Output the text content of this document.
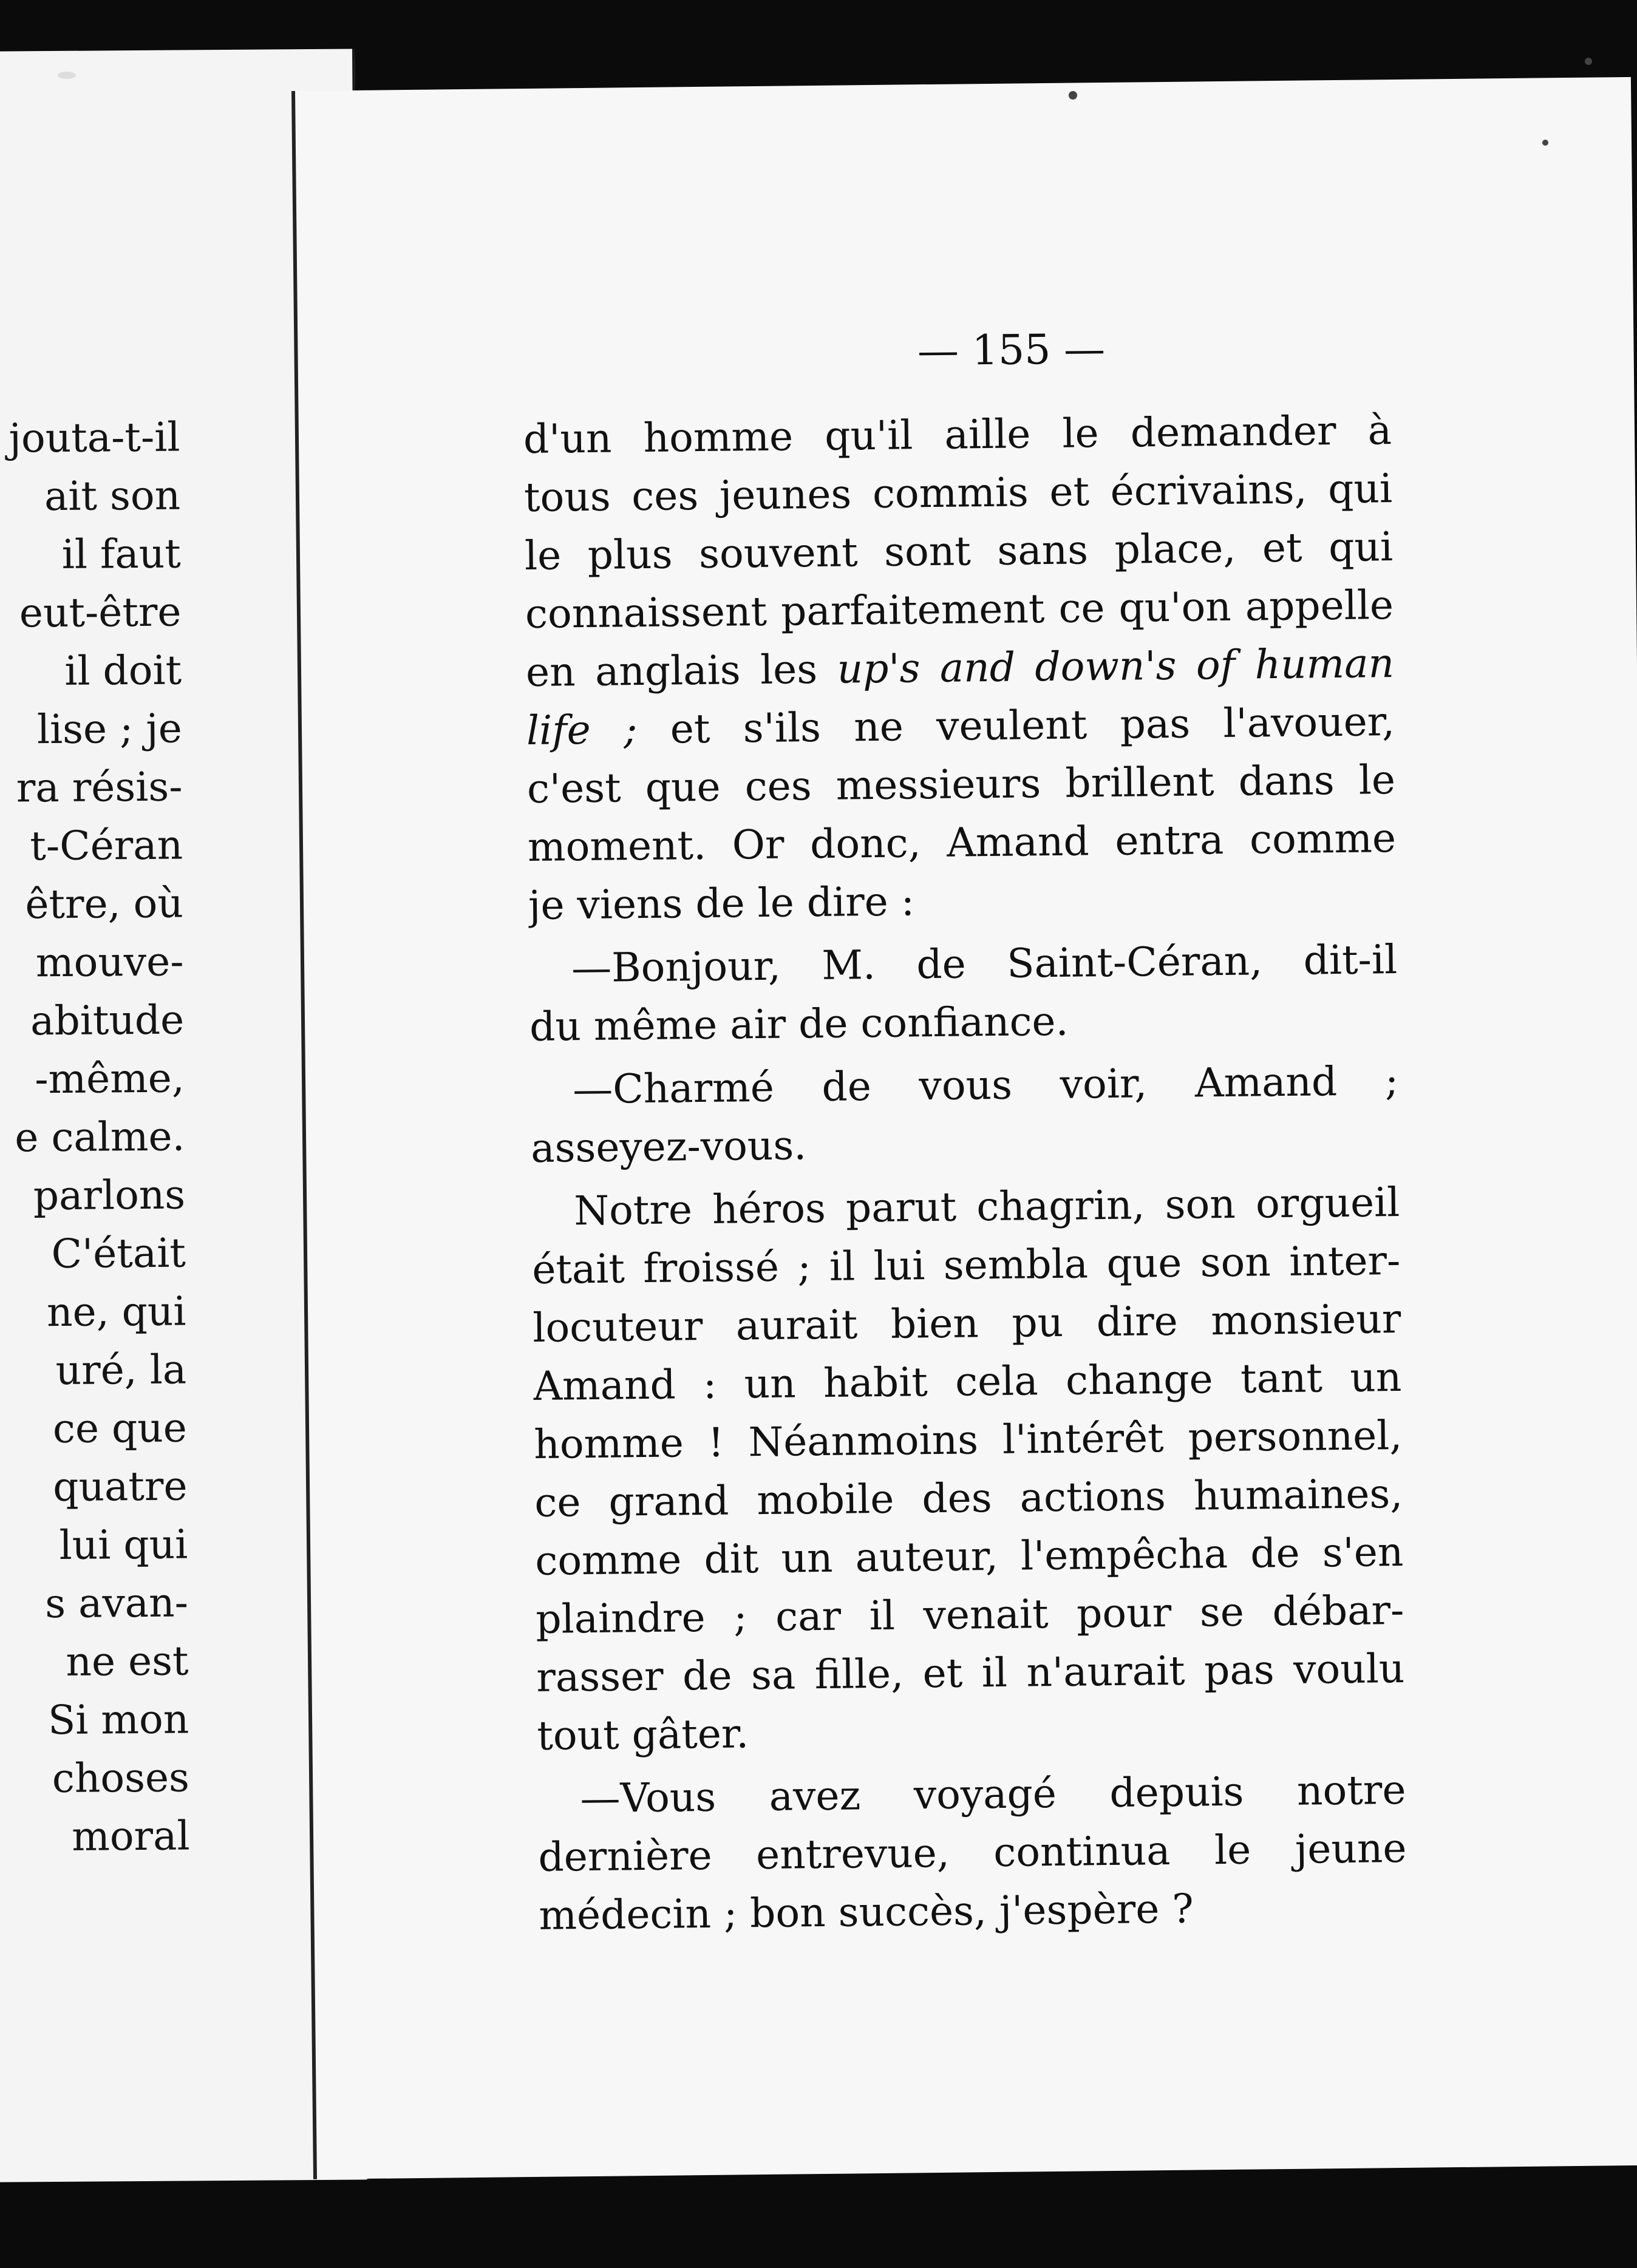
jouta-t-il
ait son
il faut
eut-être
il doit
lise ; je
ra résis-
t-Céran
être, où
mouve-
abitude
-même,
e calme.
parlons
C'était
ne, qui
uré, la
ce que
quatre
lui qui
s avan-
ne est
Si mon
choses
moral
— 155 —
d'un homme qu'il aille le demander à
tous ces jeunes commis et écrivains, qui
le plus souvent sont sans place, et qui
connaissent parfaitement ce qu'on appelle
en anglais les up's and down's of human
life ; et s'ils ne veulent pas l'avouer,
c'est que ces messieurs brillent dans le
moment. Or donc, Amand entra comme
je viens de le dire :
—Bonjour, M. de Saint-Céran, dit-il
du même air de confiance.
—Charmé de vous voir, Amand ;
asseyez-vous.
Notre héros parut chagrin, son orgueil
était froissé ; il lui sembla que son inter-
locuteur aurait bien pu dire monsieur
Amand : un habit cela change tant un
homme ! Néanmoins l'intérêt personnel,
ce grand mobile des actions humaines,
comme dit un auteur, l'empêcha de s'en
plaindre ; car il venait pour se débar-
rasser de sa fille, et il n'aurait pas voulu
tout gâter.
—Vous avez voyagé depuis notre
dernière entrevue, continua le jeune
médecin ; bon succès, j'espère ?
